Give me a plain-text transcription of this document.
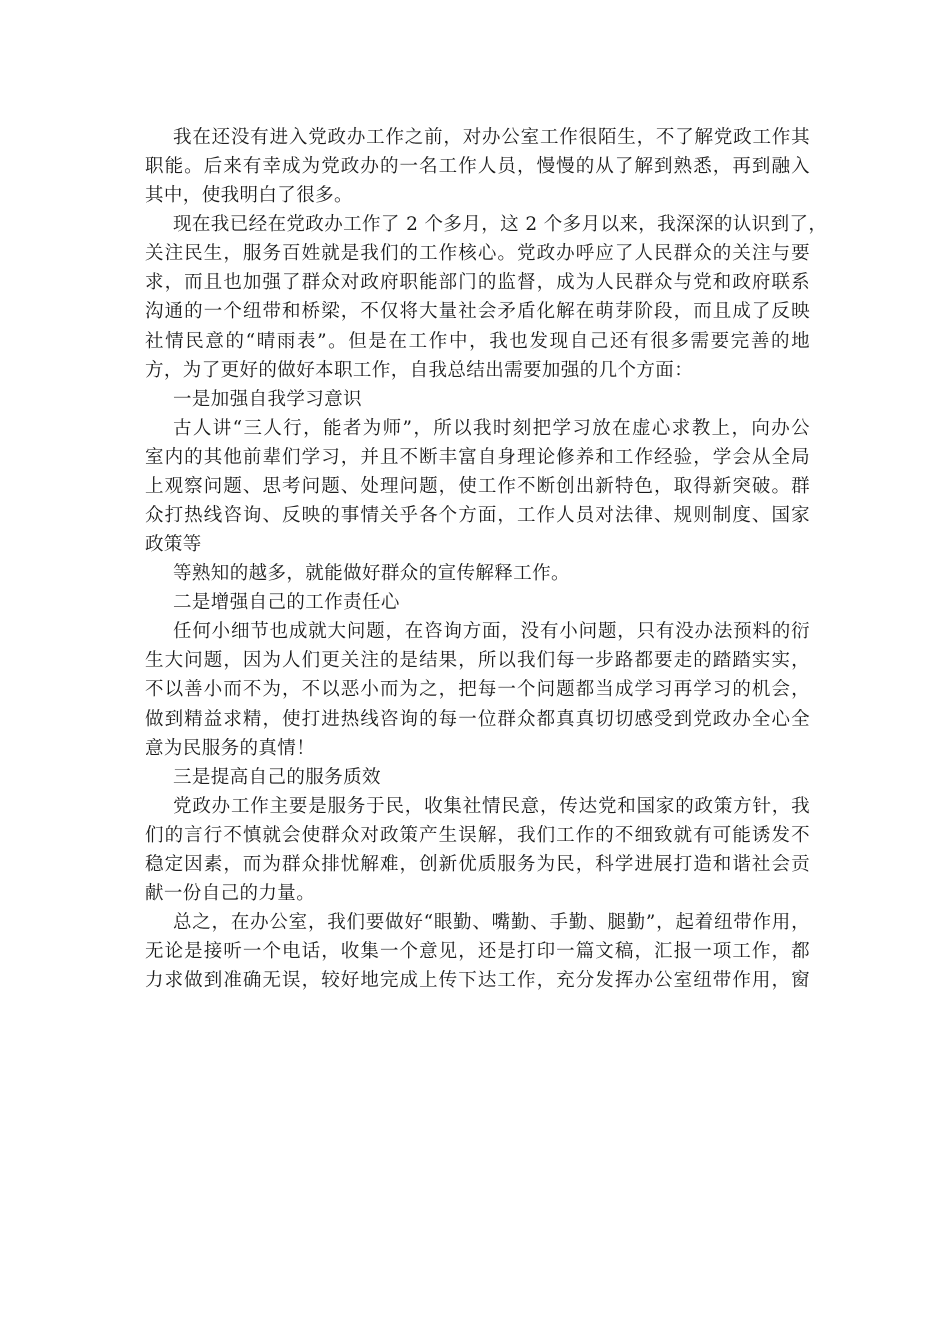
我在还没有进入党政办工作之前，对办公室工作很陌生，不了解党政工作其
职能。后来有幸成为党政办的一名工作人员，慢慢的从了解到熟悉，再到融入
其中，使我明白了很多。
现在我已经在党政办工作了 2 个多月，这 2 个多月以来，我深深的认识到了，
关注民生，服务百姓就是我们的工作核心。党政办呼应了人民群众的关注与要
求，而且也加强了群众对政府职能部门的监督，成为人民群众与党和政府联系
沟通的一个纽带和桥梁，不仅将大量社会矛盾化解在萌芽阶段，而且成了反映
社情民意的“晴雨表”。但是在工作中，我也发现自己还有很多需要完善的地
方，为了更好的做好本职工作，自我总结出需要加强的几个方面：
一是加强自我学习意识
古人讲“三人行，能者为师”，所以我时刻把学习放在虚心求教上，向办公
室内的其他前辈们学习，并且不断丰富自身理论修养和工作经验，学会从全局
上观察问题、思考问题、处理问题，使工作不断创出新特色，取得新突破。群
众打热线咨询、反映的事情关乎各个方面，工作人员对法律、规则制度、国家
政策等
等熟知的越多，就能做好群众的宣传解释工作。
二是增强自己的工作责任心
任何小细节也成就大问题，在咨询方面，没有小问题，只有没办法预料的衍
生大问题，因为人们更关注的是结果，所以我们每一步路都要走的踏踏实实，
不以善小而不为，不以恶小而为之，把每一个问题都当成学习再学习的机会，
做到精益求精，使打进热线咨询的每一位群众都真真切切感受到党政办全心全
意为民服务的真情！
三是提高自己的服务质效
党政办工作主要是服务于民，收集社情民意，传达党和国家的政策方针，我
们的言行不慎就会使群众对政策产生误解，我们工作的不细致就有可能诱发不
稳定因素，而为群众排忧解难，创新优质服务为民，科学进展打造和谐社会贡
献一份自己的力量。
总之，在办公室，我们要做好“眼勤、嘴勤、手勤、腿勤”，起着纽带作用，
无论是接听一个电话，收集一个意见，还是打印一篇文稿，汇报一项工作，都
力求做到准确无误，较好地完成上传下达工作，充分发挥办公室纽带作用，窗
